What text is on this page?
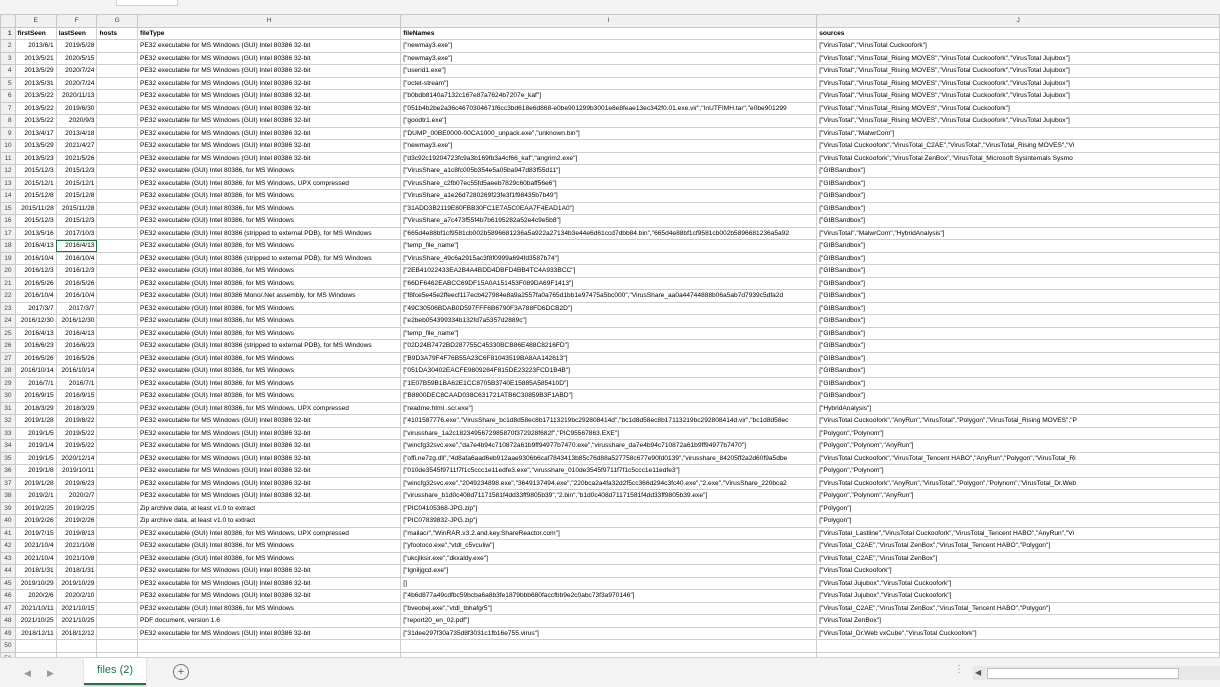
	E	F	G	H	I	J
1	firstSeen	lastSeen	hosts	fileType	fileNames	sources
2	2013/6/1	2019/5/28		PE32 executable for MS Windows (GUI) Intel 80386 32-bit	["newmay3.exe"]	["VirusTotal","VirusTotal Cuckoofork"]
3	2013/5/21	2020/5/15		PE32 executable for MS Windows (GUI) Intel 80386 32-bit	["newmay3.exe"]	["VirusTotal","VirusTotal_Rising MOVES","VirusTotal Cuckoofork","VirusTotal Jujubox"]
4	2013/5/29	2020/7/24		PE32 executable for MS Windows (GUI) Intel 80386 32-bit	["userid1.exe"]	["VirusTotal","VirusTotal_Rising MOVES","VirusTotal Cuckoofork","VirusTotal Jujubox"]
5	2013/5/31	2020/7/24		PE32 executable for MS Windows (GUI) Intel 80386 32-bit	["octet-stream"]	["VirusTotal","VirusTotal_Rising MOVES","VirusTotal Cuckoofork","VirusTotal Jujubox"]
6	2013/5/22	2020/11/13		PE32 executable for MS Windows (GUI) Intel 80386 32-bit	["b0bdb8140a7132c167e87a7624b7207e_kaf"]	["VirusTotal","VirusTotal_Rising MOVES","VirusTotal Cuckoofork","VirusTotal Jujubox"]
7	2013/5/22	2019/6/30		PE32 executable for MS Windows (GUI) Intel 80386 32-bit	["051b4b2be2a36c4670304671f6cc3bd618e6d868-e0be901299b3001e8e8feae13ec342f0.01.exe.vir","InUTFIMH.tar","e0be901299	["VirusTotal","VirusTotal_Rising MOVES","VirusTotal Cuckoofork"]
8	2013/5/22	2020/9/3		PE32 executable for MS Windows (GUI) Intel 80386 32-bit	["goodtr1.exe"]	["VirusTotal","VirusTotal_Rising MOVES","VirusTotal Cuckoofork","VirusTotal Jujubox"]
9	2013/4/17	2013/4/18		PE32 executable for MS Windows (GUI) Intel 80386 32-bit	["DUMP_00BE0000-00CA1000_unpack.exe","unknown.bin"]	["VirusTotal","MalwrCom"]
10	2013/5/29	2021/4/27		PE32 executable for MS Windows (GUI) Intel 80386 32-bit	["newmay3.exe"]	["VirusTotal Cuckoofork","VirusTotal_C2AE","VirusTotal","VirusTotal_Rising MOVES","Vi
11	2013/5/23	2021/5/26		PE32 executable for MS Windows (GUI) Intel 80386 32-bit	["d3c92c19204723fc9a3b169fb3a4cf66_kaf","angrim2.exe"]	["VirusTotal Cuckoofork","VirusTotal ZenBox","VirusTotal_Microsoft Sysinternals Sysmo
12	2015/12/3	2015/12/3		PE32 executable (GUI) Intel 80386, for MS Windows	["VirusShare_a1c8fc005b354e5a05ba947d83f55d11"]	["GIBSandbox"]
13	2015/12/1	2015/12/1		PE32 executable (GUI) Intel 80386, for MS Windows, UPX compressed	["VirusShare_c2fb07ec55fd5aeeb7829c60baff56e6"]	["GIBSandbox"]
14	2015/12/8	2015/12/8		PE32 executable (GUI) Intel 80386, for MS Windows	["VirusShare_a1e26d7280269f23fe3f1f98435b7b49"]	["GIBSandbox"]
15	2015/11/28	2015/11/28		PE32 executable (GUI) Intel 80386, for MS Windows	["31ADD3B2119E80FBB30FC1E7A5C0EAA7F4EAD1A0"]	["GIBSandbox"]
16	2015/12/3	2015/12/3		PE32 executable (GUI) Intel 80386, for MS Windows	["VirusShare_a7c473f55f4b7b6195282a52e4c9e5b8"]	["GIBSandbox"]
17	2013/5/16	2017/10/3		PE32 executable (GUI) Intel 80386 (stripped to external PDB), for MS Windows	["665d4e88bf1cf9581cb002b5896681236a5a922a27134b3e44e6d61ccd7dbb84.bin","665d4e88bf1cf9581cb002b5896681236a5a92	["VirusTotal","MalwrCom","HybridAnalysis"]
18	2016/4/13	2016/4/13		PE32 executable (GUI) Intel 80386, for MS Windows	["temp_file_name"]	["GIBSandbox"]
19	2016/10/4	2016/10/4		PE32 executable (GUI) Intel 80386 (stripped to external PDB), for MS Windows	["VirusShare_49c6a2915ac3f8f0999a694fd3587b74"]	["GIBSandbox"]
20	2016/12/3	2016/12/3		PE32 executable (GUI) Intel 80386, for MS Windows	["2EB41022433EA2B4A4BDD4DBFD4BB4TC4A933BCC"]	["GIBSandbox"]
21	2016/5/26	2016/5/26		PE32 executable (GUI) Intel 80386, for MS Windows	["66DF6462EABCC69DF15A0A151453F089DA69F1413"]	["GIBSandbox"]
22	2016/10/4	2016/10/4		PE32 executable (GUI) Intel 80386 Mono/.Net assembly, for MS Windows	["f8fce5e45e2ffeecf117ecb427984e8a9a2557fa0a765d1bb1e97475a5bc000","VirusShare_aa0a44744888b06a5ab7d7939c5dfa2d	["GIBSandbox"]
23	2017/3/7	2017/3/7		PE32 executable (GUI) Intel 80386, for MS Windows	["49C30506BDAB0D597FFF6B6790F3A788FD6DCB2D"]	["GIBSandbox"]
24	2016/12/30	2016/12/30		PE32 executable (GUI) Intel 80386, for MS Windows	["e2beb054399334b132fd7a5357d2889c"]	["GIBSandbox"]
25	2016/4/13	2016/4/13		PE32 executable (GUI) Intel 80386, for MS Windows	["temp_file_name"]	["GIBSandbox"]
26	2016/6/23	2016/6/23		PE32 executable (GUI) Intel 80386 (stripped to external PDB), for MS Windows	["02D24B7472BD287755C45330BCB86E488C8216FD"]	["GIBSandbox"]
27	2016/5/26	2016/5/26		PE32 executable (GUI) Intel 80386, for MS Windows	["B9D3A79F4F76B55A23C6F81043519BA8AA142613"]	["GIBSandbox"]
28	2016/10/14	2016/10/14		PE32 executable (GUI) Intel 80386, for MS Windows	["051DA30402EACFE9809284F815DE23223FCD1B4B"]	["GIBSandbox"]
29	2016/7/1	2016/7/1		PE32 executable (GUI) Intel 80386, for MS Windows	["1E07B59B1BA62E1CC8705B3740E15885A585410D"]	["GIBSandbox"]
30	2016/9/15	2016/9/15		PE32 executable (GUI) Intel 80386, for MS Windows	["B8800DEC8CAAD038C631721ATB6C30859B3F1ABD"]	["GIBSandbox"]
31	2018/3/29	2018/3/29		PE32 executable (GUI) Intel 80386, for MS Windows, UPX compressed	["readme.html .scr.exe"]	["HybridAnalysis"]
32	2019/1/28	2019/8/22		PE32 executable for MS Windows (GUI) Intel 80386 32-bit	["4101587776.exe","VirusShare_bc1d8d58ec8b17113219bc292808414d","bc1d8d58ec8b17113219bc292808414d.vir","bc1d8d58ec	["VirusTotal Cuckoofork","AnyRun","VirusTotal","Polygon","VirusTotal_Rising MOVES","P
33	2019/1/5	2019/5/22		PE32 executable for MS Windows (GUI) Intel 80386 32-bit	["virusshare_1a2c1823495672985870f372928f682f","PIC95567863.EXE"]	["Polygon","Polynom"]
34	2019/1/4	2019/5/22		PE32 executable for MS Windows (GUI) Intel 80386 32-bit	["wincfg32svc.exe","da7e4b94c710872a61b9ff94977b7470.exe","virusshare_da7e4b94c710872a61b9ff94977b7470"]	["Polygon","Polynom","AnyRun"]
35	2019/1/5	2020/12/14		PE32 executable for MS Windows (GUI) Intel 80386 32-bit	["offi.ne7zg.dll","4d8afa6aad6eb912aae9306b6caf7843413b85c76d88a527758c677e90fd0139","virusshare_84205ff2a2d60f9a5dbe	["VirusTotal Cuckoofork","VirusTotal_Tencent HABO","AnyRun","Polygon","VirusTotal_Ri
36	2019/1/8	2019/10/11		PE32 executable for MS Windows (GUI) Intel 80386 32-bit	["010de3545f9711f7f1c5ccc1e11edfe3.exe","virusshare_010de3545f9711f7f1c5ccc1e11edfe3"]	["Polygon","Polynom"]
37	2019/1/28	2019/6/23		PE32 executable for MS Windows (GUI) Intel 80386 32-bit	["wincfg32svc.exe","2049234898.exe","3649137494.exe","220bca2a4fa32d2f5cc366d294c3fc40.exe","2.exe","VirusShare_220bca2	["VirusTotal Cuckoofork","AnyRun","VirusTotal","Polygon","Polynom","VirusTotal_Dr.Web
38	2019/2/1	2020/2/7		PE32 executable for MS Windows (GUI) Intel 80386 32-bit	["virusshare_b1d0c408d71171581f4dd33ff9805b39","2.bin","b1d0c408d71171581f4dd33ff9805b39.exe"]	["Polygon","Polynom","AnyRun"]
39	2019/2/25	2019/2/25		Zip archive data, at least v1.0 to extract	["PIC04105368-JPG.zip"]	["Polygon"]
40	2019/2/26	2019/2/26		Zip archive data, at least v1.0 to extract	["PIC07839832-JPG.zip"]	["Polygon"]
41	2019/7/15	2019/8/13		PE32 executable (GUI) Intel 80386, for MS Windows, UPX compressed	["mailacr","WinRAR.v3.2.and.key.ShareReactor.com"]	["VirusTotal_Lastline","VirusTotal Cuckoofork","VirusTotal_Tencent HABO","AnyRun","Vi
42	2021/10/4	2021/10/8		PE32 executable (GUI) Intel 80386, for MS Windows	["yfootoco.exe","vtdl_c5vculiw"]	["VirusTotal_C2AE","VirusTotal ZenBox","VirusTotal_Tencent HABO","Polygon"]
43	2021/10/4	2021/10/8		PE32 executable (GUI) Intel 80386, for MS Windows	["ukcjlksir.exe","dkxaldy.exe"]	["VirusTotal_C2AE","VirusTotal ZenBox"]
44	2018/1/31	2018/1/31		PE32 executable for MS Windows (GUI) Intel 80386 32-bit	["Igniljgcd.exe"]	["VirusTotal Cuckoofork"]
45	2019/10/29	2019/10/29		PE32 executable for MS Windows (GUI) Intel 80386 32-bit	[]	["VirusTotal Jujubox","VirusTotal Cuckoofork"]
46	2020/2/6	2020/2/10		PE32 executable for MS Windows (GUI) Intel 80386 32-bit	["4b6d877a49cdfbc59bcba6a8b3fe1879bbb680faccfbb9e2c0abc73f3a970146"]	["VirusTotal Jujubox","VirusTotal Cuckoofork"]
47	2021/10/11	2021/10/15		PE32 executable (GUI) Intel 80386, for MS Windows	["bveobej.exe","vtdl_tbhafgr5"]	["VirusTotal_C2AE","VirusTotal ZenBox","VirusTotal_Tencent HABO","Polygon"]
48	2021/10/25	2021/10/25		PDF document, version 1.6	["report20_en_02.pdf"]	["VirusTotal ZenBox"]
49	2018/12/11	2018/12/12		PE32 executable for MS Windows (GUI) Intel 80386 32-bit	["31dee297f30a735d8f3031c1fb16e755.virus"]	["VirusTotal_Dr.Web vxCube","VirusTotal Cuckoofork"]
50						

◀ ▶	files (2)	+	⋮ ◀
